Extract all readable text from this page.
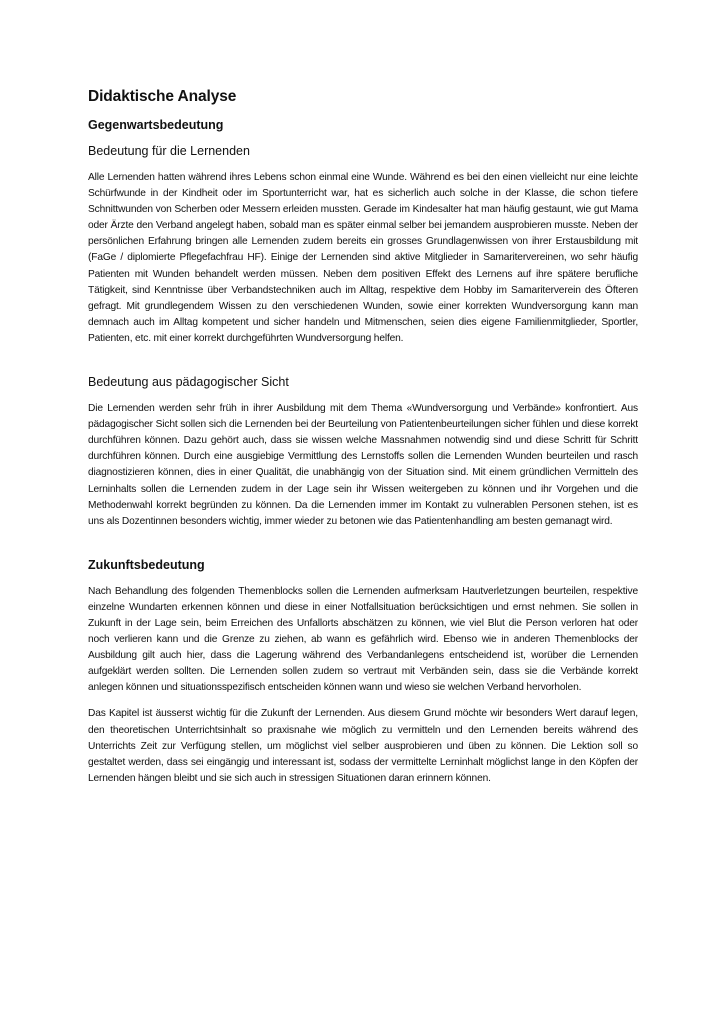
Didaktische Analyse
Gegenwartsbedeutung
Bedeutung für die Lernenden

Alle Lernenden hatten während ihres Lebens schon einmal eine Wunde. Während es bei den einen vielleicht nur eine leichte Schürfwunde in der Kindheit oder im Sportunterricht war, hat es sicherlich auch solche in der Klasse, die schon tiefere Schnittwunden von Scherben oder Messern erleiden mussten. Gerade im Kindesalter hat man häufig gestaunt, wie gut Mama oder Ärzte den Verband angelegt haben, sobald man es später einmal selber bei jemandem ausprobieren musste. Neben der persönlichen Erfahrung bringen alle Lernenden zudem bereits ein grosses Grundlagenwissen von ihrer Erstausbildung mit (FaGe / diplomierte Pflegefachfrau HF). Einige der Lernenden sind aktive Mitglieder in Samaritervereinen, wo sehr häufig Patienten mit Wunden behandelt werden müssen. Neben dem positiven Effekt des Lernens auf ihre spätere berufliche Tätigkeit, sind Kenntnisse über Verbandstechniken auch im Alltag, respektive dem Hobby im Samariterverein des Öfteren gefragt. Mit grundlegendem Wissen zu den verschiedenen Wunden, sowie einer korrekten Wundversorgung kann man demnach auch im Alltag kompetent und sicher handeln und Mitmenschen, seien dies eigene Familienmitglieder, Sportler, Patienten, etc. mit einer korrekt durchgeführten Wundversorgung helfen.

Bedeutung aus pädagogischer Sicht

Die Lernenden werden sehr früh in ihrer Ausbildung mit dem Thema «Wundversorgung und Verbände» konfrontiert. Aus pädagogischer Sicht sollen sich die Lernenden bei der Beurteilung von Patientenbeurteilungen sicher fühlen und diese korrekt durchführen können. Dazu gehört auch, dass sie wissen welche Massnahmen notwendig sind und diese Schritt für Schritt durchführen können. Durch eine ausgiebige Vermittlung des Lernstoffs sollen die Lernenden Wunden beurteilen und rasch diagnostizieren können, dies in einer Qualität, die unabhängig von der Situation sind. Mit einem gründlichen Vermitteln des Lerninhalts sollen die Lernenden zudem in der Lage sein ihr Wissen weitergeben zu können und ihr Vorgehen und die Methodenwahl korrekt begründen zu können. Da die Lernenden immer im Kontakt zu vulnerablen Personen stehen, ist es uns als Dozentinnen besonders wichtig, immer wieder zu betonen wie das Patientenhandling am besten gemanagt wird.

Zukunftsbedeutung

Nach Behandlung des folgenden Themenblocks sollen die Lernenden aufmerksam Hautverletzungen beurteilen, respektive einzelne Wundarten erkennen können und diese in einer Notfallsituation berücksichtigen und ernst nehmen. Sie sollen in Zukunft in der Lage sein, beim Erreichen des Unfallorts abschätzen zu können, wie viel Blut die Person verloren hat oder noch verlieren kann und die Grenze zu ziehen, ab wann es gefährlich wird. Ebenso wie in anderen Themenblocks der Ausbildung gilt auch hier, dass die Lagerung während des Verbandanlegens entscheidend ist, worüber die Lernenden aufgeklärt werden sollten. Die Lernenden sollen zudem so vertraut mit Verbänden sein, dass sie die Verbände korrekt anlegen können und situationsspezifisch entscheiden können wann und wieso sie welchen Verband hervorholen.

Das Kapitel ist äusserst wichtig für die Zukunft der Lernenden. Aus diesem Grund möchte wir besonders Wert darauf legen, den theoretischen Unterrichtsinhalt so praxisnahe wie möglich zu vermitteln und den Lernenden bereits während des Unterrichts Zeit zur Verfügung stellen, um möglichst viel selber ausprobieren und üben zu können. Die Lektion soll so gestaltet werden, dass sei eingängig und interessant ist, sodass der vermittelte Lerninhalt möglichst lange in den Köpfen der Lernenden hängen bleibt und sie sich auch in stressigen Situationen daran erinnern können.
